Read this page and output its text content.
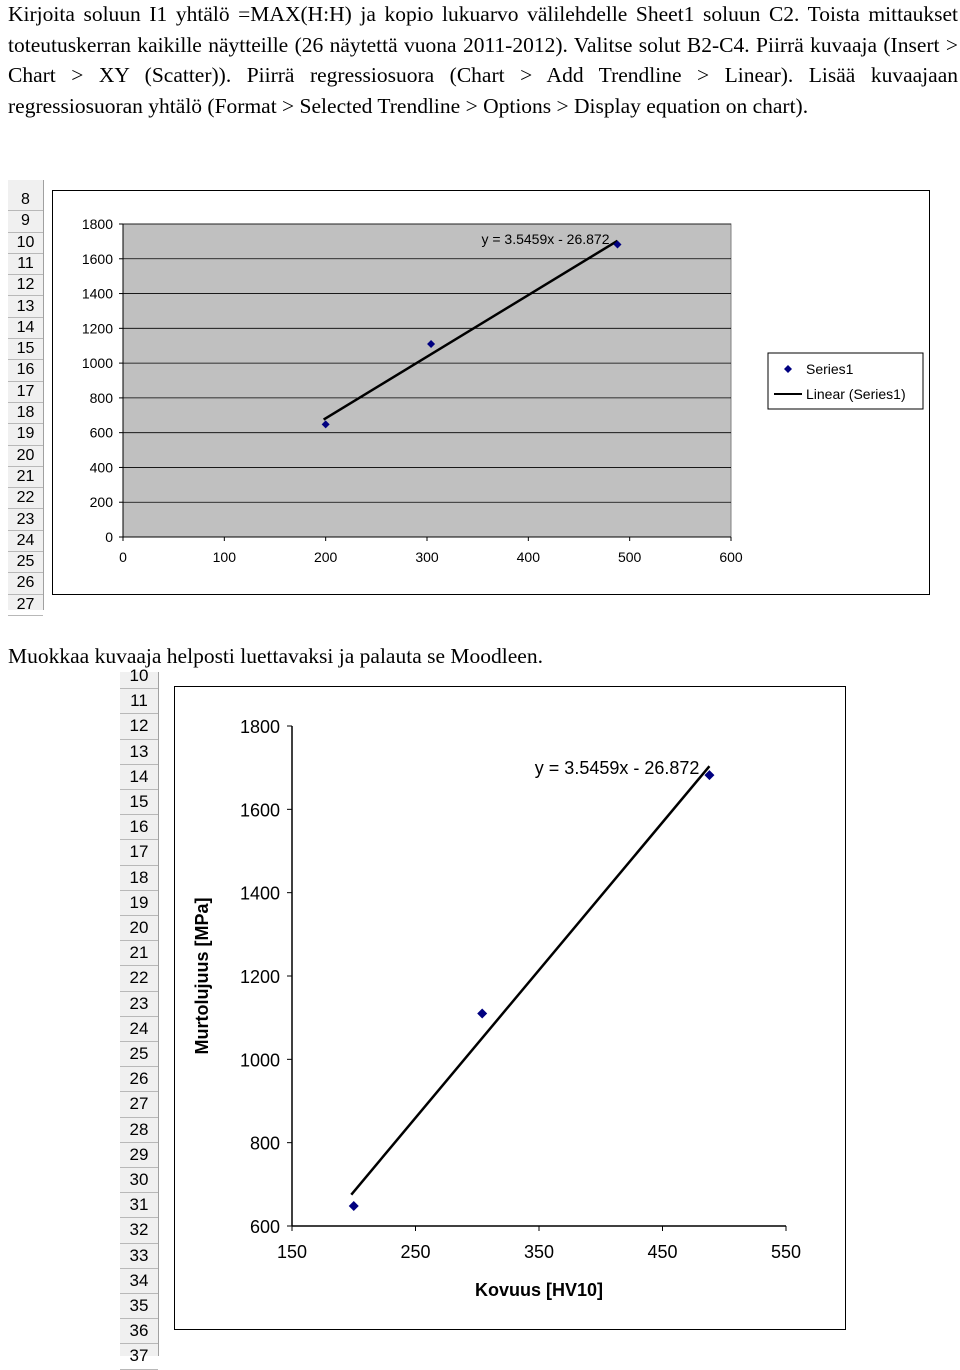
Kirjoita soluun I1 yhtälö =MAX(H:H) ja kopio lukuarvo välilehdelle Sheet1 soluun C2. Toista mittaukset toteutuskerran kaikille näytteille (26 näytettä vuona 2011-2012). Valitse solut B2-C4. Piirrä kuvaaja (Insert > Chart > XY (Scatter)). Piirrä regressiosuora (Chart > Add Trendline > Linear). Lisää kuvaajaan regressiosuoran yhtälö (Format > Selected Trendline > Options > Display equation on chart).

8
9
10
11
12
13
14
15
16
17
18
19
20
21
22
23
24
25
26
27
0
200
400
600
800
1000
1200
1400
1600
1800
0	100	200	300	400	500	600
y = 3.5459x - 26.872
Series1
Linear (Series1)

Muokkaa kuvaaja helposti luettavaksi ja palauta se Moodleen.

10
11
12
13
14
15
16
17
18
19
20
21
22
23
24
25
26
27
28
29
30
31
32
33
34
35
36
37
600
800
1000
1200
1400
1600
1800
150	250	350	450	550
Kovuus [HV10]
Murtolujuus [MPa]
y = 3.5459x - 26.872
